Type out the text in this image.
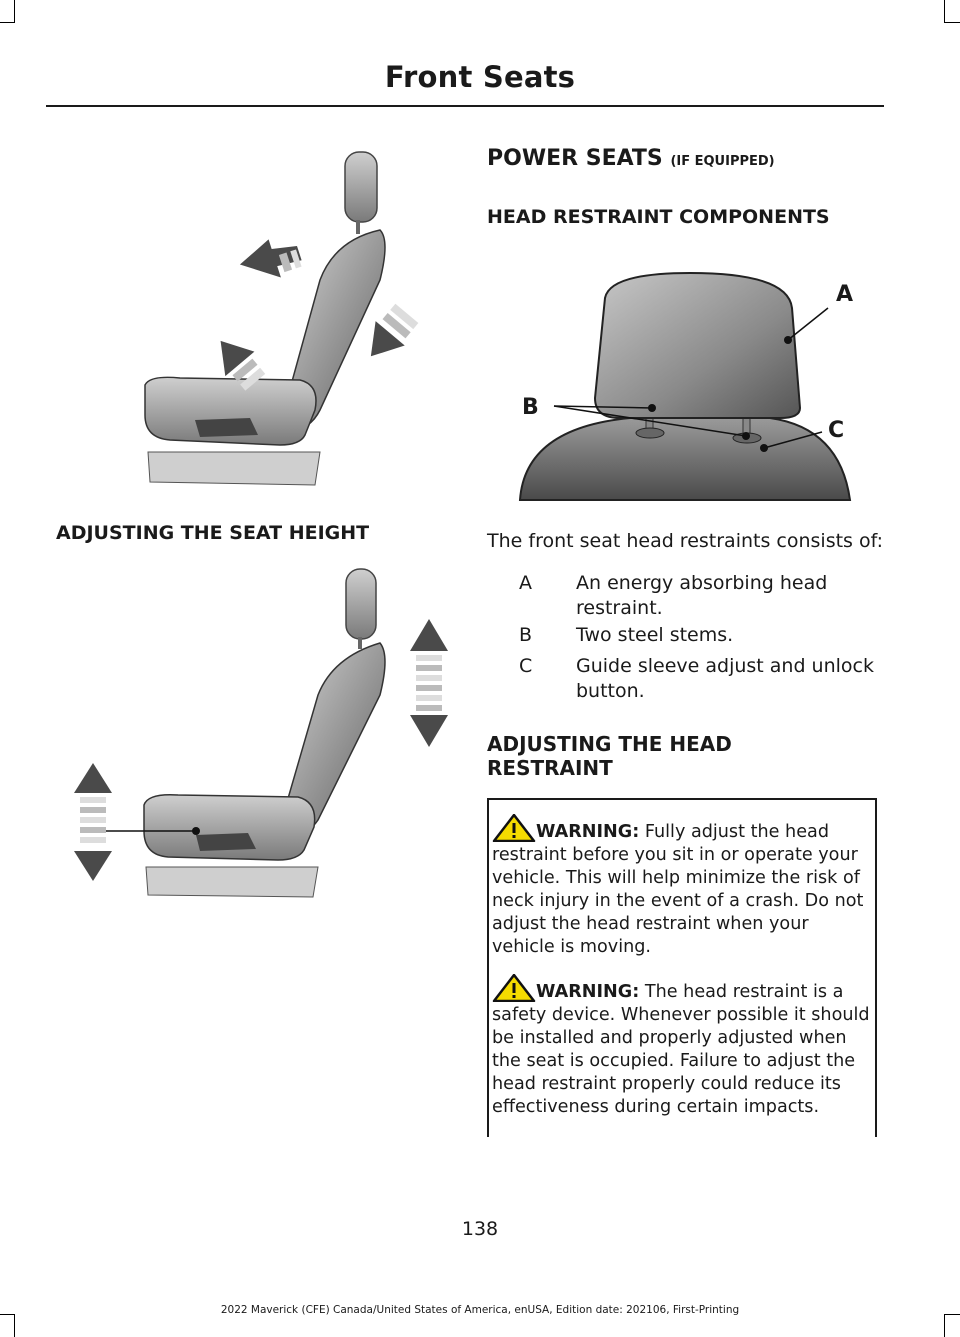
Front Seats
ADJUSTING THE SEAT HEIGHT
POWER SEATS (IF EQUIPPED)
HEAD RESTRAINT COMPONENTS
A
B
C
The front seat head restraints consists of:
A	An energy absorbing head restraint.
B	Two steel stems.
C	Guide sleeve adjust and unlock button.
ADJUSTING THE HEAD RESTRAINT
WARNING: Fully adjust the head restraint before you sit in or operate your vehicle. This will help minimize the risk of neck injury in the event of a crash. Do not adjust the head restraint when your vehicle is moving.
WARNING: The head restraint is a safety device. Whenever possible it should be installed and properly adjusted when the seat is occupied. Failure to adjust the head restraint properly could reduce its effectiveness during certain impacts.
138
2022 Maverick (CFE) Canada/United States of America, enUSA, Edition date: 202106, First-Printing
